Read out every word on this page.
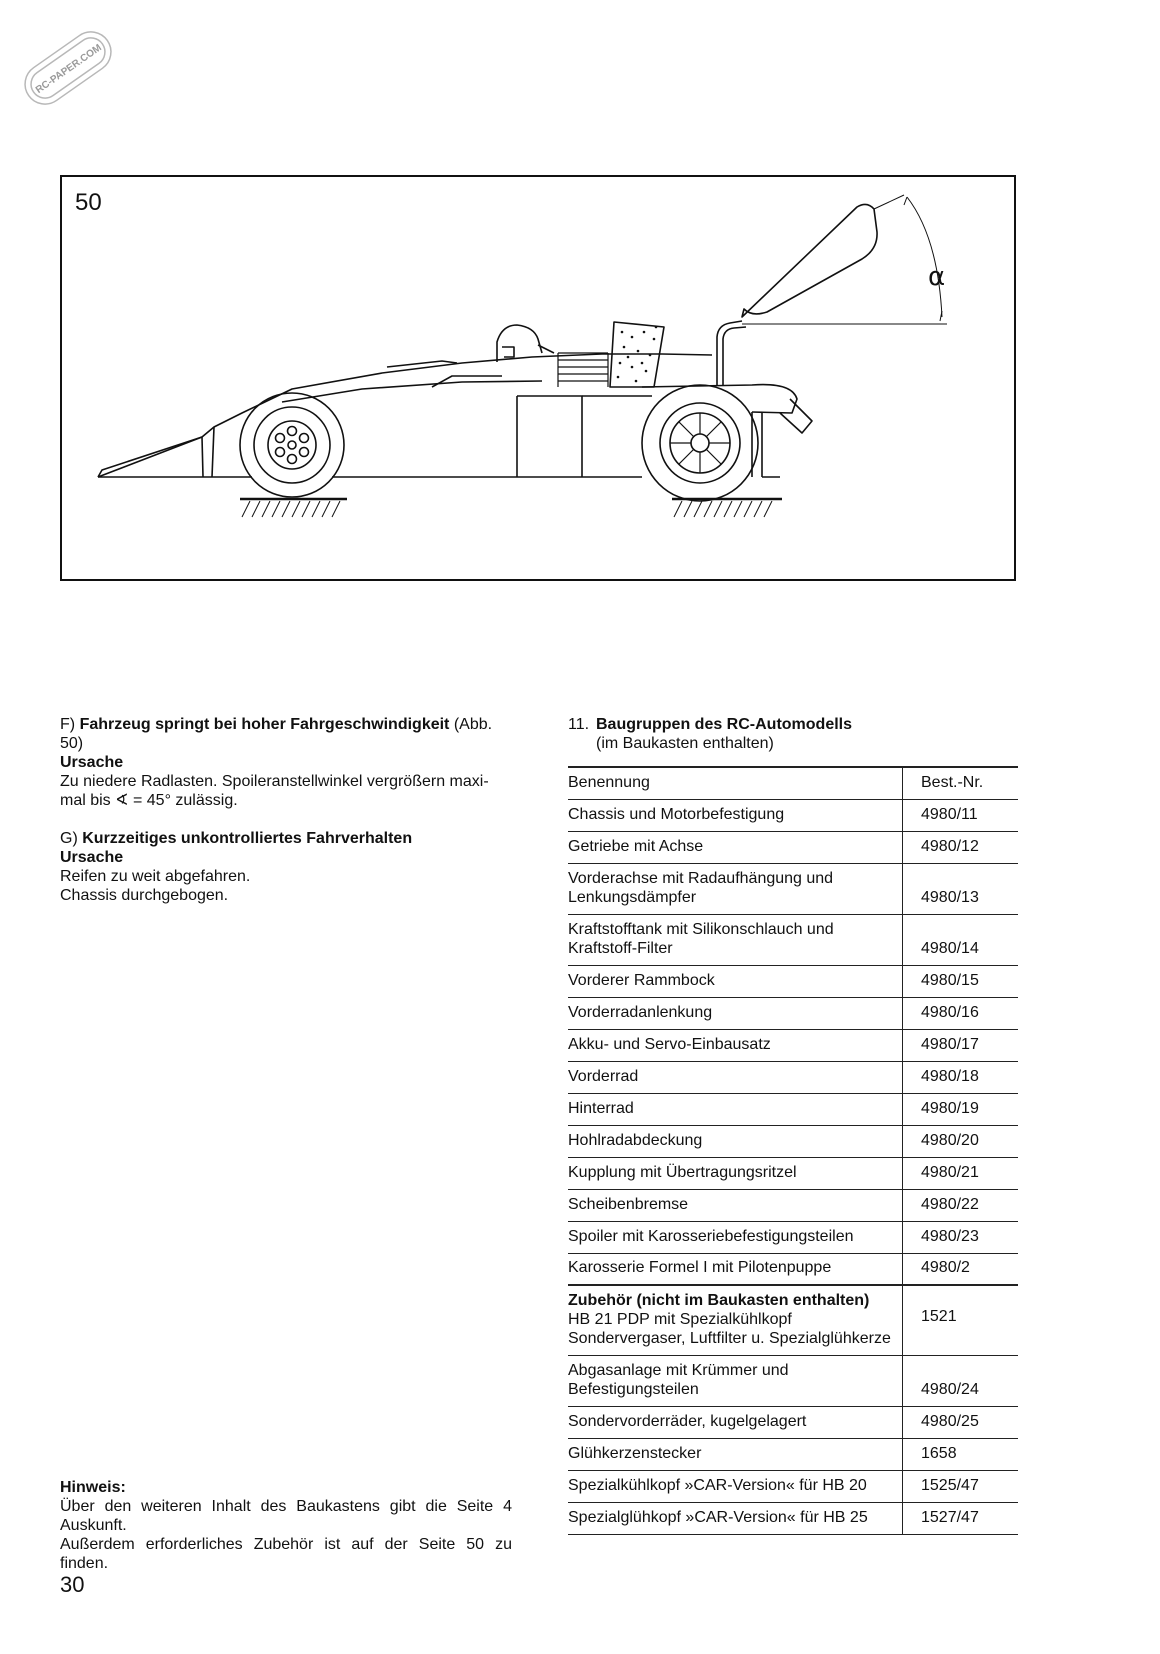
RC-PAPER.COM
50
α

F) Fahrzeug springt bei hoher Fahrgeschwindigkeit (Abb. 50)

Ursache

Zu niedere Radlasten. Spoileranstellwinkel vergrößern maxi-

mal bis ∢ = 45° zulässig.

G) Kurzzeitiges unkontrolliertes Fahrverhalten

Ursache

Reifen zu weit abgefahren.

Chassis durchgebogen.

Hinweis:

Über den weiteren Inhalt des Baukastens gibt die Seite 4

Auskunft.

Außerdem erforderliches Zubehör ist auf der Seite 50 zu

finden.

30
11. Baugruppen des RC-Automodells
(im Baukasten enthalten)
Benennung	Best.-Nr.

Chassis und Motorbefestigung	4980/11

Getriebe mit Achse	4980/12

Vorderachse mit Radaufhängung und
Lenkungsdämpfer	4980/13

Kraftstofftank mit Silikonschlauch und
Kraftstoff-Filter	4980/14

Vorderer Rammbock	4980/15

Vorderradanlenkung	4980/16

Akku- und Servo-Einbausatz	4980/17

Vorderrad	4980/18

Hinterrad	4980/19

Hohlradabdeckung	4980/20

Kupplung mit Übertragungsritzel	4980/21

Scheibenbremse	4980/22

Spoiler mit Karosseriebefestigungsteilen	4980/23

Karosserie Formel I mit Pilotenpuppe	4980/2

Zubehör (nicht im Baukasten enthalten)
HB 21 PDP mit Spezialkühlkopf
Sondervergaser, Luftfilter u. Spezialglühkerze	1521

Abgasanlage mit Krümmer und
Befestigungsteilen	4980/24

Sondervorderräder, kugelgelagert	4980/25

Glühkerzenstecker	1658

Spezialkühlkopf »CAR-Version« für HB 20	1525/47

Spezialglühkopf »CAR-Version« für HB 25	1527/47
